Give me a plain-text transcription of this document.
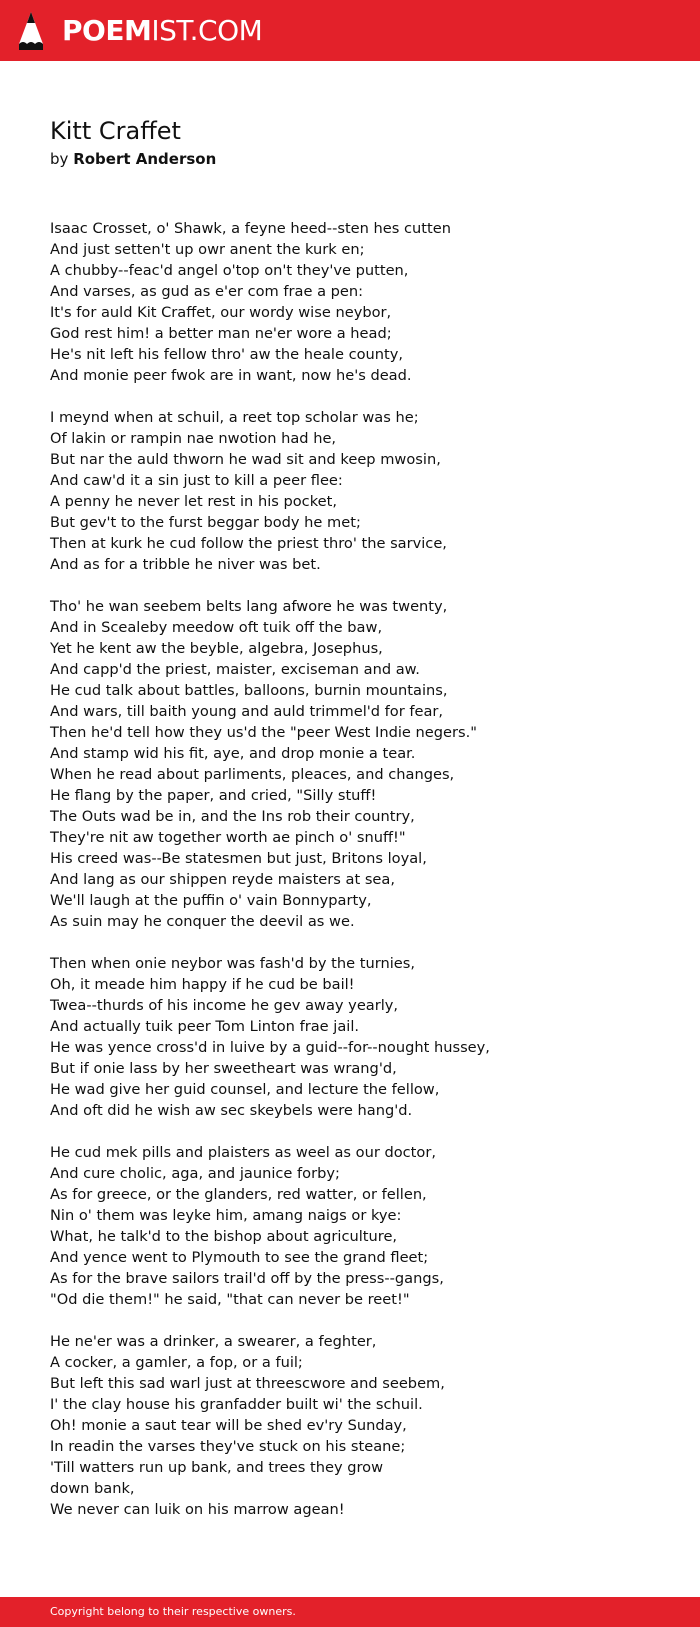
POEMIST.COM
Kitt Craffet
by Robert Anderson
Isaac Crosset, o' Shawk, a feyne heed--sten hes cutten
And just setten't up owr anent the kurk en;
A chubby--feac'd angel o'top on't they've putten,
And varses, as gud as e'er com frae a pen:
It's for auld Kit Craffet, our wordy wise neybor,
God rest him! a better man ne'er wore a head;
He's nit left his fellow thro' aw the heale county,
And monie peer fwok are in want, now he's dead.
I meynd when at schuil, a reet top scholar was he;
Of lakin or rampin nae nwotion had he,
But nar the auld thworn he wad sit and keep mwosin,
And caw'd it a sin just to kill a peer flee:
A penny he never let rest in his pocket,
But gev't to the furst beggar body he met;
Then at kurk he cud follow the priest thro' the sarvice,
And as for a tribble he niver was bet.
Tho' he wan seebem belts lang afwore he was twenty,
And in Scealeby meedow oft tuik off the baw,
Yet he kent aw the beyble, algebra, Josephus,
And capp'd the priest, maister, exciseman and aw.
He cud talk about battles, balloons, burnin mountains,
And wars, till baith young and auld trimmel'd for fear,
Then he'd tell how they us'd the "peer West Indie negers."
And stamp wid his fit, aye, and drop monie a tear.
When he read about parliments, pleaces, and changes,
He flang by the paper, and cried, "Silly stuff!
The Outs wad be in, and the Ins rob their country,
They're nit aw together worth ae pinch o' snuff!"
His creed was--Be statesmen but just, Britons loyal,
And lang as our shippen reyde maisters at sea,
We'll laugh at the puffin o' vain Bonnyparty,
As suin may he conquer the deevil as we.
Then when onie neybor was fash'd by the turnies,
Oh, it meade him happy if he cud be bail!
Twea--thurds of his income he gev away yearly,
And actually tuik peer Tom Linton frae jail.
He was yence cross'd in luive by a guid--for--nought hussey,
But if onie lass by her sweetheart was wrang'd,
He wad give her guid counsel, and lecture the fellow,
And oft did he wish aw sec skeybels were hang'd.
He cud mek pills and plaisters as weel as our doctor,
And cure cholic, aga, and jaunice forby;
As for greece, or the glanders, red watter, or fellen,
Nin o' them was leyke him, amang naigs or kye:
What, he talk'd to the bishop about agriculture,
And yence went to Plymouth to see the grand fleet;
As for the brave sailors trail'd off by the press--gangs,
"Od die them!" he said, "that can never be reet!"
He ne'er was a drinker, a swearer, a feghter,
A cocker, a gamler, a fop, or a fuil;
But left this sad warl just at threescwore and seebem,
I' the clay house his granfadder built wi' the schuil.
Oh! monie a saut tear will be shed ev'ry Sunday,
In readin the varses they've stuck on his steane;
'Till watters run up bank, and trees they grow
down bank,
We never can luik on his marrow agean!
Copyright belong to their respective owners.
